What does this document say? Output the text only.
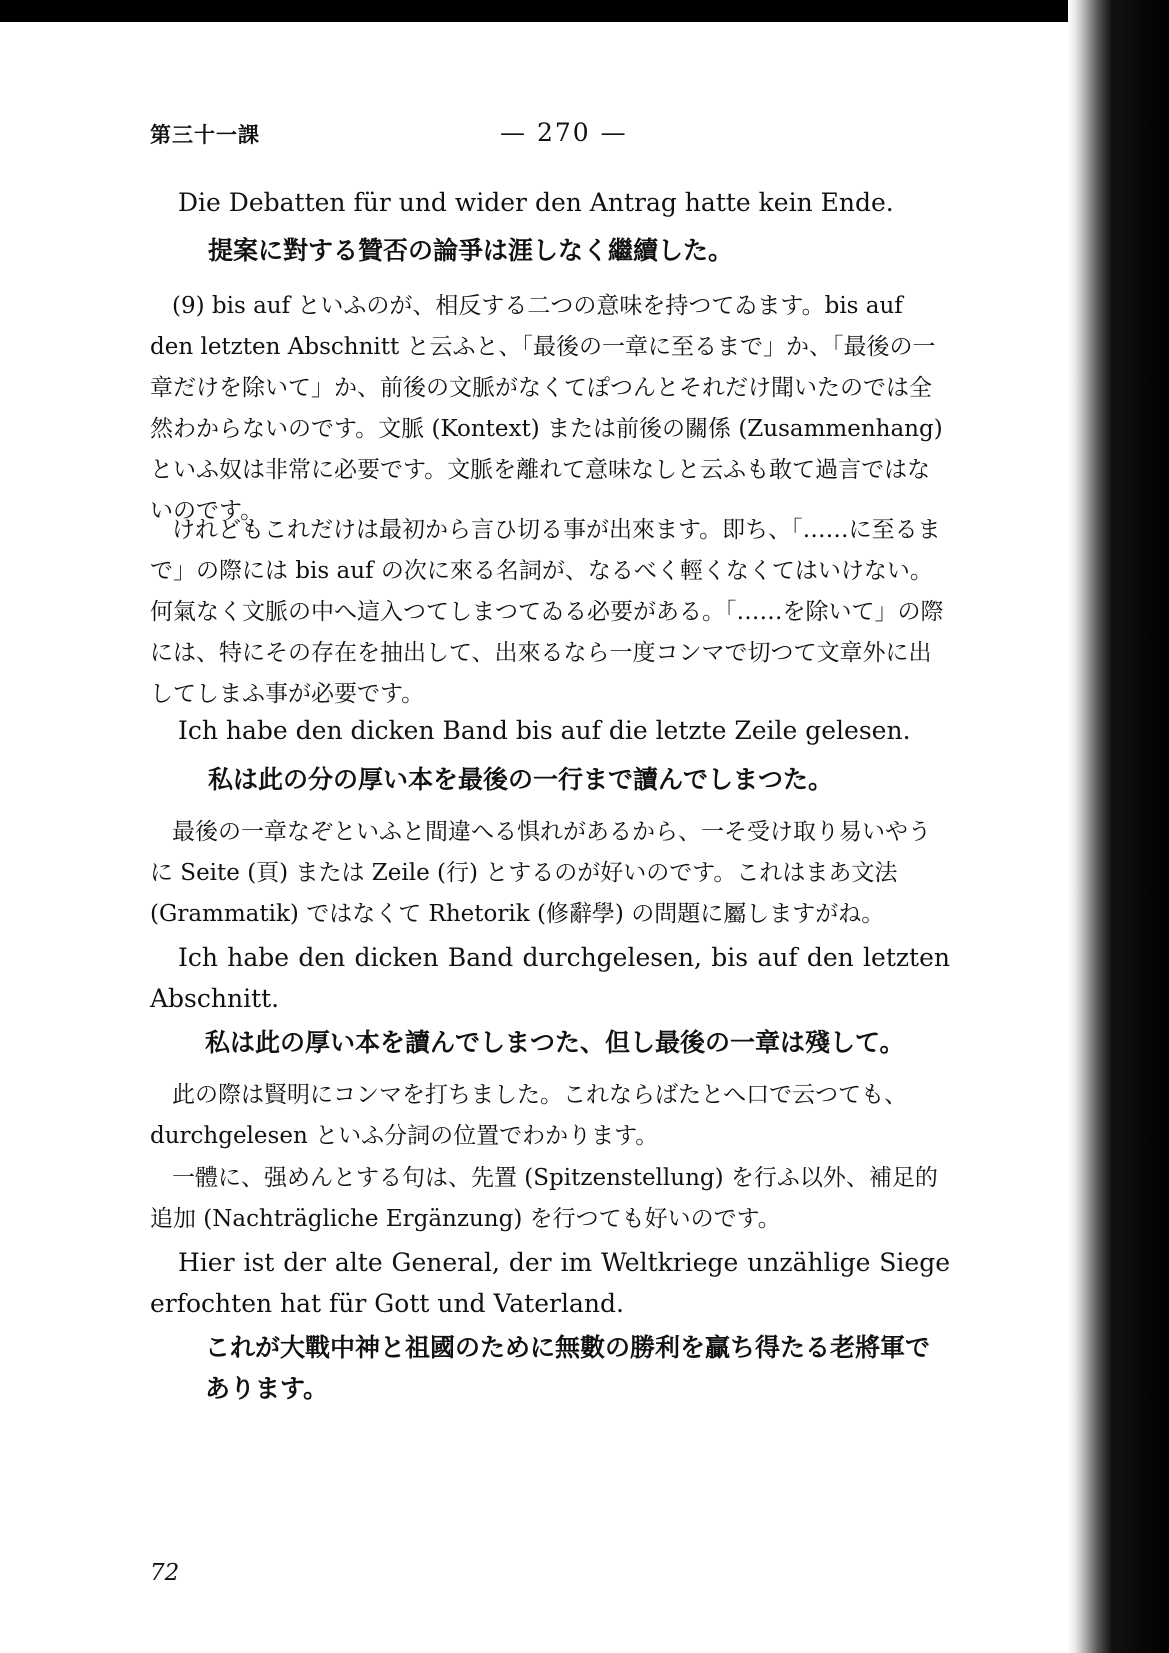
第三十一課	— 270 —

Die Debatten für und wider den Antrag hatte kein Ende.

提案に對する贊否の論爭は涯しなく繼續した。

(9) bis auf といふのが、相反する二つの意味を持つてゐます。bis auf den letzten Abschnitt と云ふと、「最後の一章に至るまで」か、「最後の一章だけを除いて」か、前後の文脈がなくてぽつんとそれだけ聞いたのでは全然わからないのです。文脈 (Kontext) または前後の關係 (Zusammenhang) といふ奴は非常に必要です。文脈を離れて意味なしと云ふも敢て過言ではないのです。

けれどもこれだけは最初から言ひ切る事が出來ます。即ち、「……に至るまで」の際には bis auf の次に來る名詞が、なるべく輕くなくてはいけない。何氣なく文脈の中へ這入つてしまつてゐる必要がある。「……を除いて」の際には、特にその存在を抽出して、出來るなら一度コンマで切つて文章外に出してしまふ事が必要です。

Ich habe den dicken Band bis auf die letzte Zeile gelesen.

私は此の分の厚い本を最後の一行まで讀んでしまつた。

最後の一章なぞといふと間違へる惧れがあるから、一そ受け取り易いやうに Seite (頁) または Zeile (行) とするのが好いのです。これはまあ文法 (Grammatik) ではなくて Rhetorik (修辭學) の問題に屬しますがね。

Ich habe den dicken Band durchgelesen, bis auf den letzten Abschnitt.

私は此の厚い本を讀んでしまつた、但し最後の一章は殘して。

此の際は賢明にコンマを打ちました。これならばたとへ口で云つても、durchgelesen といふ分詞の位置でわかります。

一體に、强めんとする句は、先置 (Spitzenstellung) を行ふ以外、補足的追加 (Nachträgliche Ergänzung) を行つても好いのです。

Hier ist der alte General, der im Weltkriege unzählige Siege erfochten hat für Gott und Vaterland.

これが大戰中神と祖國のために無數の勝利を贏ち得たる老將軍であります。

72
